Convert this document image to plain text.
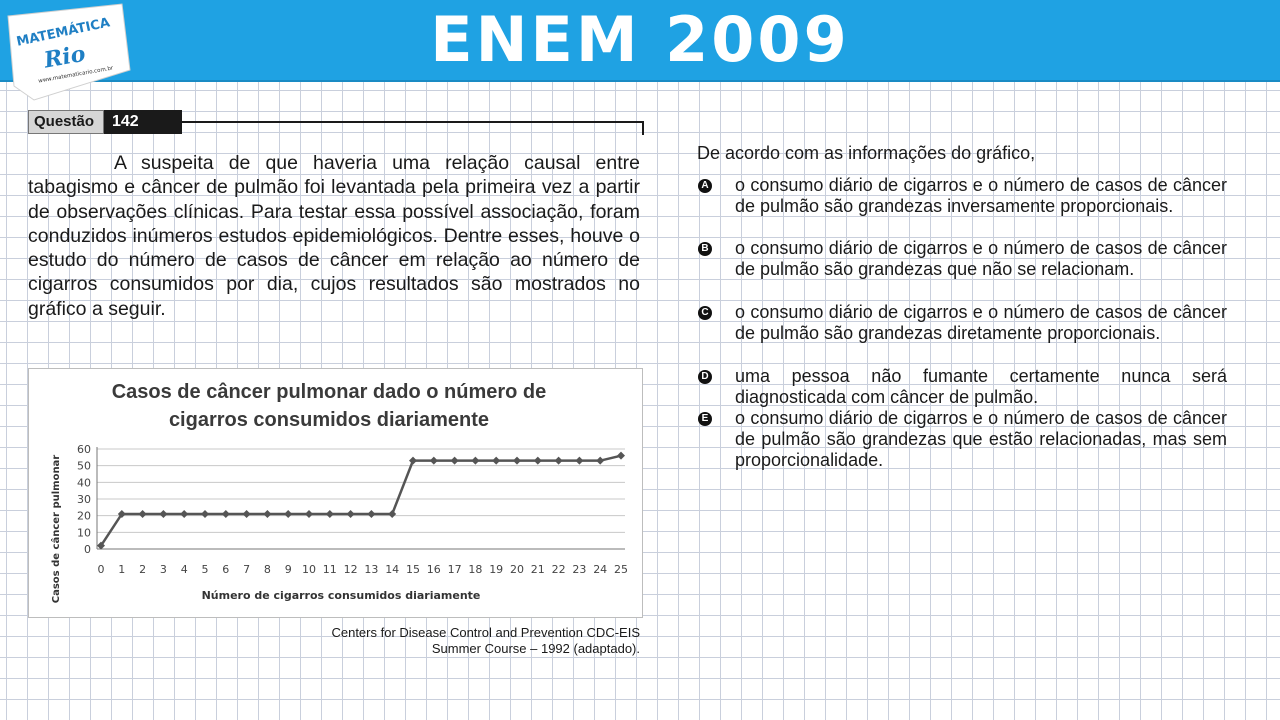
ENEM 2009
MATEMÁTICA
Rio
www.matematicario.com.br
Questão	142

A suspeita de que haveria uma relação causal entre tabagismo e câncer de pulmão foi levantada pela primeira vez a partir de observações clínicas. Para testar essa possível associação, foram conduzidos inúmeros estudos epidemiológicos. Dentre esses, houve o estudo do número de casos de câncer em relação ao número de cigarros consumidos por dia, cujos resultados são mostrados no gráfico a seguir.

Casos de câncer pulmonar dado o número de
cigarros consumidos diariamente
0
10
20
30
40
50
60
0 1 2 3 4 5 6 7 8 9 10 11 12 13 14 15 16 17 18 19 20 21 22 23 24 25
Número de cigarros consumidos diariamente
Casos de câncer pulmonar
Centers for Disease Control and Prevention CDC-EIS
Summer Course – 1992 (adaptado).
De acordo com as informações do gráfico,
A o consumo diário de cigarros e o número de casos de câncer de pulmão são grandezas inversamente proporcionais.

B o consumo diário de cigarros e o número de casos de câncer de pulmão são grandezas que não se relacionam.

C o consumo diário de cigarros e o número de casos de câncer de pulmão são grandezas diretamente proporcionais.

D uma pessoa não fumante certamente nunca será diagnosticada com câncer de pulmão.

E o consumo diário de cigarros e o número de casos de câncer de pulmão são grandezas que estão relacionadas, mas sem proporcionalidade.
